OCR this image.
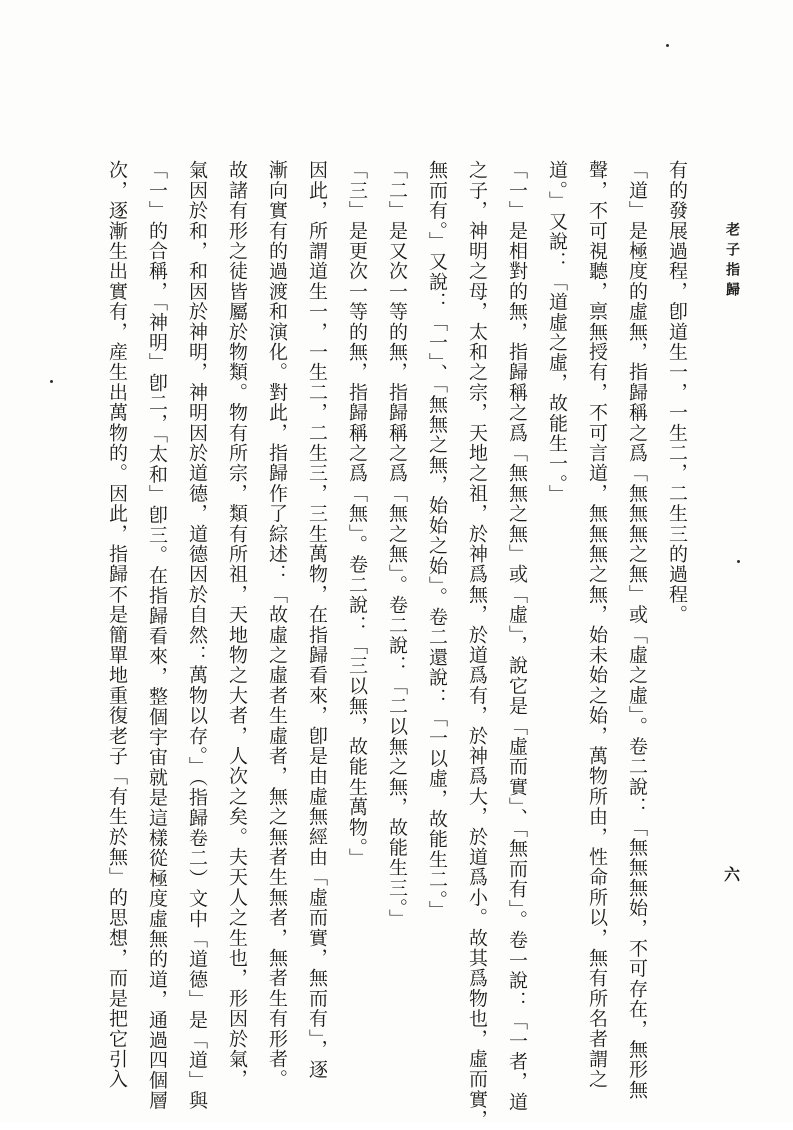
老子指歸
六
有的發展過程，卽道生一，一生二，二生三的過程。
「道」是極度的虛無，指歸稱之爲「無無無之無」或「虛之虛」。卷二說：「無無無始，不可存在，無形無
聲，不可視聽，禀無授有，不可言道，無無無之無，始未始之始，萬物所由，性命所以，無有所名者謂之
道。」又說：「道虛之虛，故能生一。」
「一」是相對的無，指歸稱之爲「無無之無」或「虛」，說它是「虛而實」、「無而有」。卷一說：「一者，道
之子，神明之母，太和之宗，天地之祖，於神爲無，於道爲有，於神爲大，於道爲小。故其爲物也，虛而實，
無而有。」又說：「一」、「無無之無，始始之始」。卷二還說：「一以虛，故能生二。」
「二」是又次一等的無，指歸稱之爲「無之無」。卷二說：「二以無之無，故能生三。」
「三」是更次一等的無，指歸稱之爲「無」。卷二說：「三以無，故能生萬物。」
因此，所謂道生一，一生二，二生三，三生萬物，在指歸看來，卽是由虛無經由「虛而實，無而有」，逐
漸向實有的過渡和演化。對此，指歸作了綜述：「故虛之虛者生虛者，無之無者生無者，無者生有形者。
故諸有形之徒皆屬於物類。物有所宗，類有所祖，天地物之大者，人次之矣。夫天人之生也，形因於氣，
氣因於和，和因於神明，神明因於道德，道德因於自然：萬物以存。」（指歸卷二）文中「道德」是「道」與
「一」的合稱，「神明」卽二，「太和」卽三。在指歸看來，整個宇宙就是這樣從極度虛無的道，通過四個層
次，逐漸生出實有，産生出萬物的。因此，指歸不是簡單地重復老子「有生於無」的思想，而是把它引入
